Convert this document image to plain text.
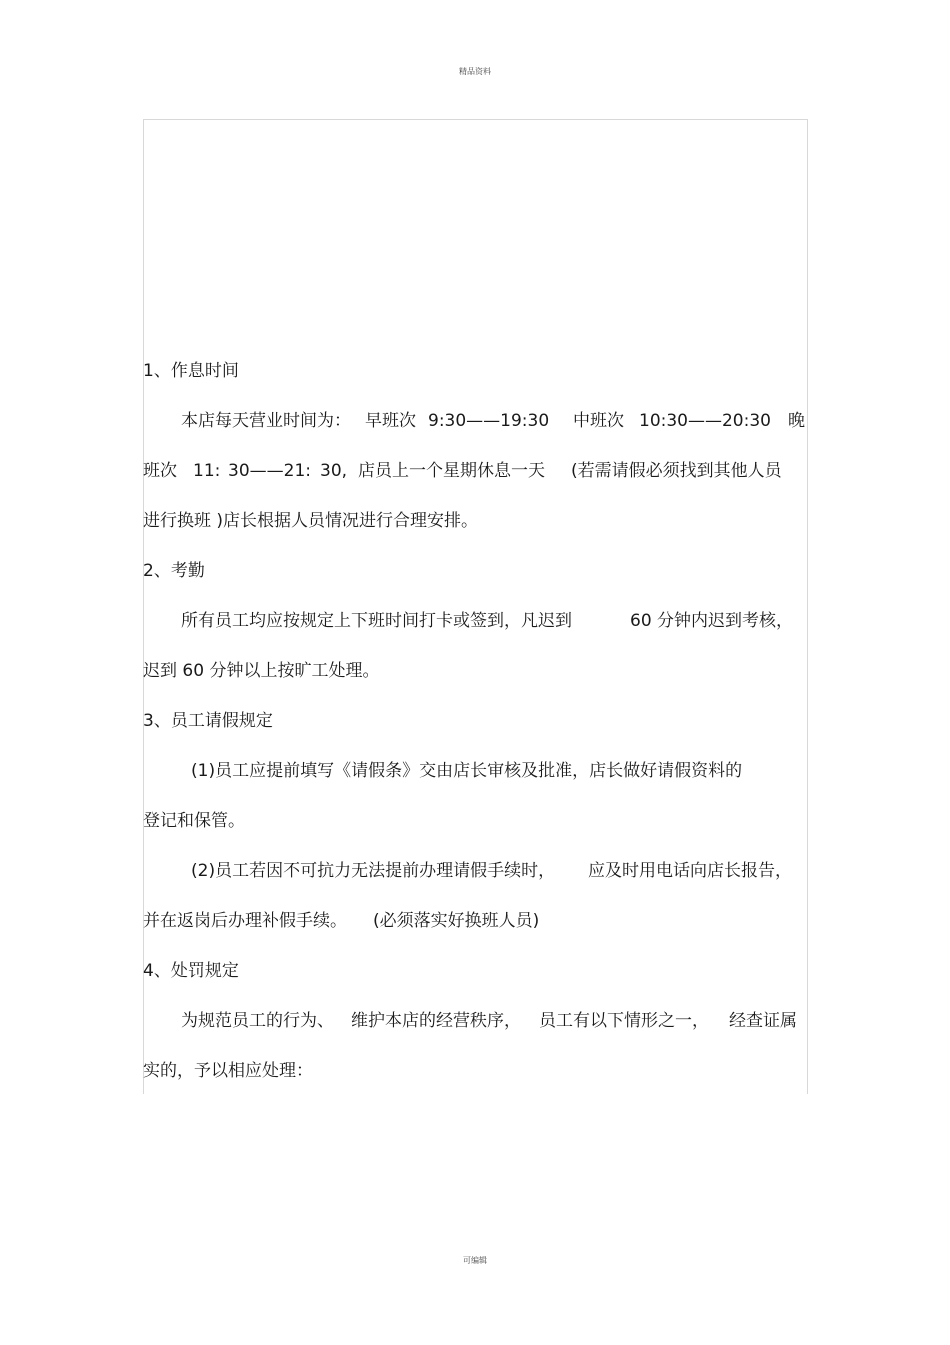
精品资料
1、作息时间
本店每天营业时间为： 早班次 9:30——19:30 中班次 10:30——20:30 晚
班次 11: 30——21: 30, 店员上一个星期休息一天 (若需请假必须找到其他人员
进行换班 )店长根据人员情况进行合理安排。
2、考勤
所有员工均应按规定上下班时间打卡或签到，凡迟到	60 分钟内迟到考核，
迟到 60 分钟以上按旷工处理。
3、员工请假规定
(1)员工应提前填写《请假条》交由店长审核及批准，店长做好请假资料的
登记和保管。
(2)员工若因不可抗力无法提前办理请假手续时， 应及时用电话向店长报告，
并在返岗后办理补假手续。 (必须落实好换班人员)
4、处罚规定
为规范员工的行为、 维护本店的经营秩序， 员工有以下情形之一， 经查证属
实的，予以相应处理：
可编辑
